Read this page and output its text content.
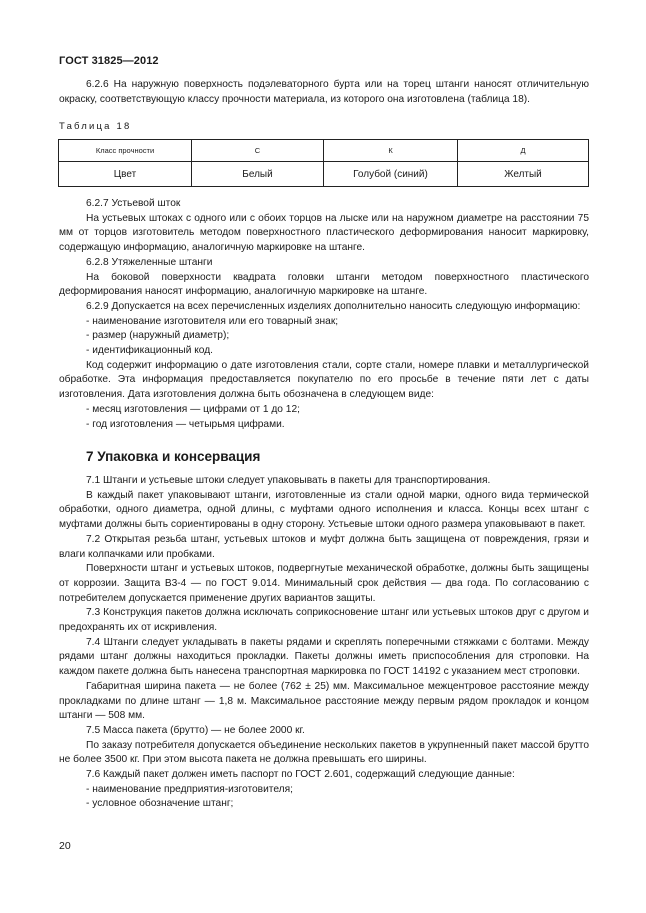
ГОСТ 31825—2012

6.2.6 На наружную поверхность подэлеваторного бурта или на торец штанги наносят отличительную окраску, соответствующую классу прочности материала, из которого она изготовлена (таблица 18).

Таблица 18
Класс прочности	С	К	Д
Цвет	Белый	Голубой (синий)	Желтый

6.2.7 Устьевой шток

На устьевых штоках с одного или с обоих торцов на лыске или на наружном диаметре на расстоянии 75 мм от торцов изготовитель методом поверхностного пластического деформирования наносит маркировку, содержащую информацию, аналогичную маркировке на штанге.

6.2.8 Утяжеленные штанги

На боковой поверхности квадрата головки штанги методом поверхностного пластического деформирования наносят информацию, аналогичную маркировке на штанге.

6.2.9 Допускается на всех перечисленных изделиях дополнительно наносить следующую информацию:

- наименование изготовителя или его товарный знак;

- размер (наружный диаметр);

- идентификационный код.

Код содержит информацию о дате изготовления стали, сорте стали, номере плавки и металлургической обработке. Эта информация предоставляется покупателю по его просьбе в течение пяти лет с даты изготовления. Дата изготовления должна быть обозначена в следующем виде:

- месяц изготовления — цифрами от 1 до 12;

- год изготовления — четырьмя цифрами.

7 Упаковка и консервация

7.1 Штанги и устьевые штоки следует упаковывать в пакеты для транспортирования.

В каждый пакет упаковывают штанги, изготовленные из стали одной марки, одного вида термической обработки, одного диаметра, одной длины, с муфтами одного исполнения и класса. Концы всех штанг с муфтами должны быть сориентированы в одну сторону. Устьевые штоки одного размера упаковывают в пакет.

7.2 Открытая резьба штанг, устьевых штоков и муфт должна быть защищена от повреждения, грязи и влаги колпачками или пробками.

Поверхности штанг и устьевых штоков, подвергнутые механической обработке, должны быть защищены от коррозии. Защита В3-4 — по ГОСТ 9.014. Минимальный срок действия — два года. По согласованию с потребителем допускается применение других вариантов защиты.

7.3 Конструкция пакетов должна исключать соприкосновение штанг или устьевых штоков друг с другом и предохранять их от искривления.

7.4 Штанги следует укладывать в пакеты рядами и скреплять поперечными стяжками с болтами. Между рядами штанг должны находиться прокладки. Пакеты должны иметь приспособления для строповки. На каждом пакете должна быть нанесена транспортная маркировка по ГОСТ 14192 с указанием мест строповки.

Габаритная ширина пакета — не более (762 ± 25) мм. Максимальное межцентровое расстояние между прокладками по длине штанг — 1,8 м. Максимальное расстояние между первым рядом прокладок и концом штанги — 508 мм.

7.5 Масса пакета (брутто) — не более 2000 кг.

По заказу потребителя допускается объединение нескольких пакетов в укрупненный пакет массой брутто не более 3500 кг. При этом высота пакета не должна превышать его ширины.

7.6 Каждый пакет должен иметь паспорт по ГОСТ 2.601, содержащий следующие данные:

- наименование предприятия-изготовителя;

- условное обозначение штанг;

20
